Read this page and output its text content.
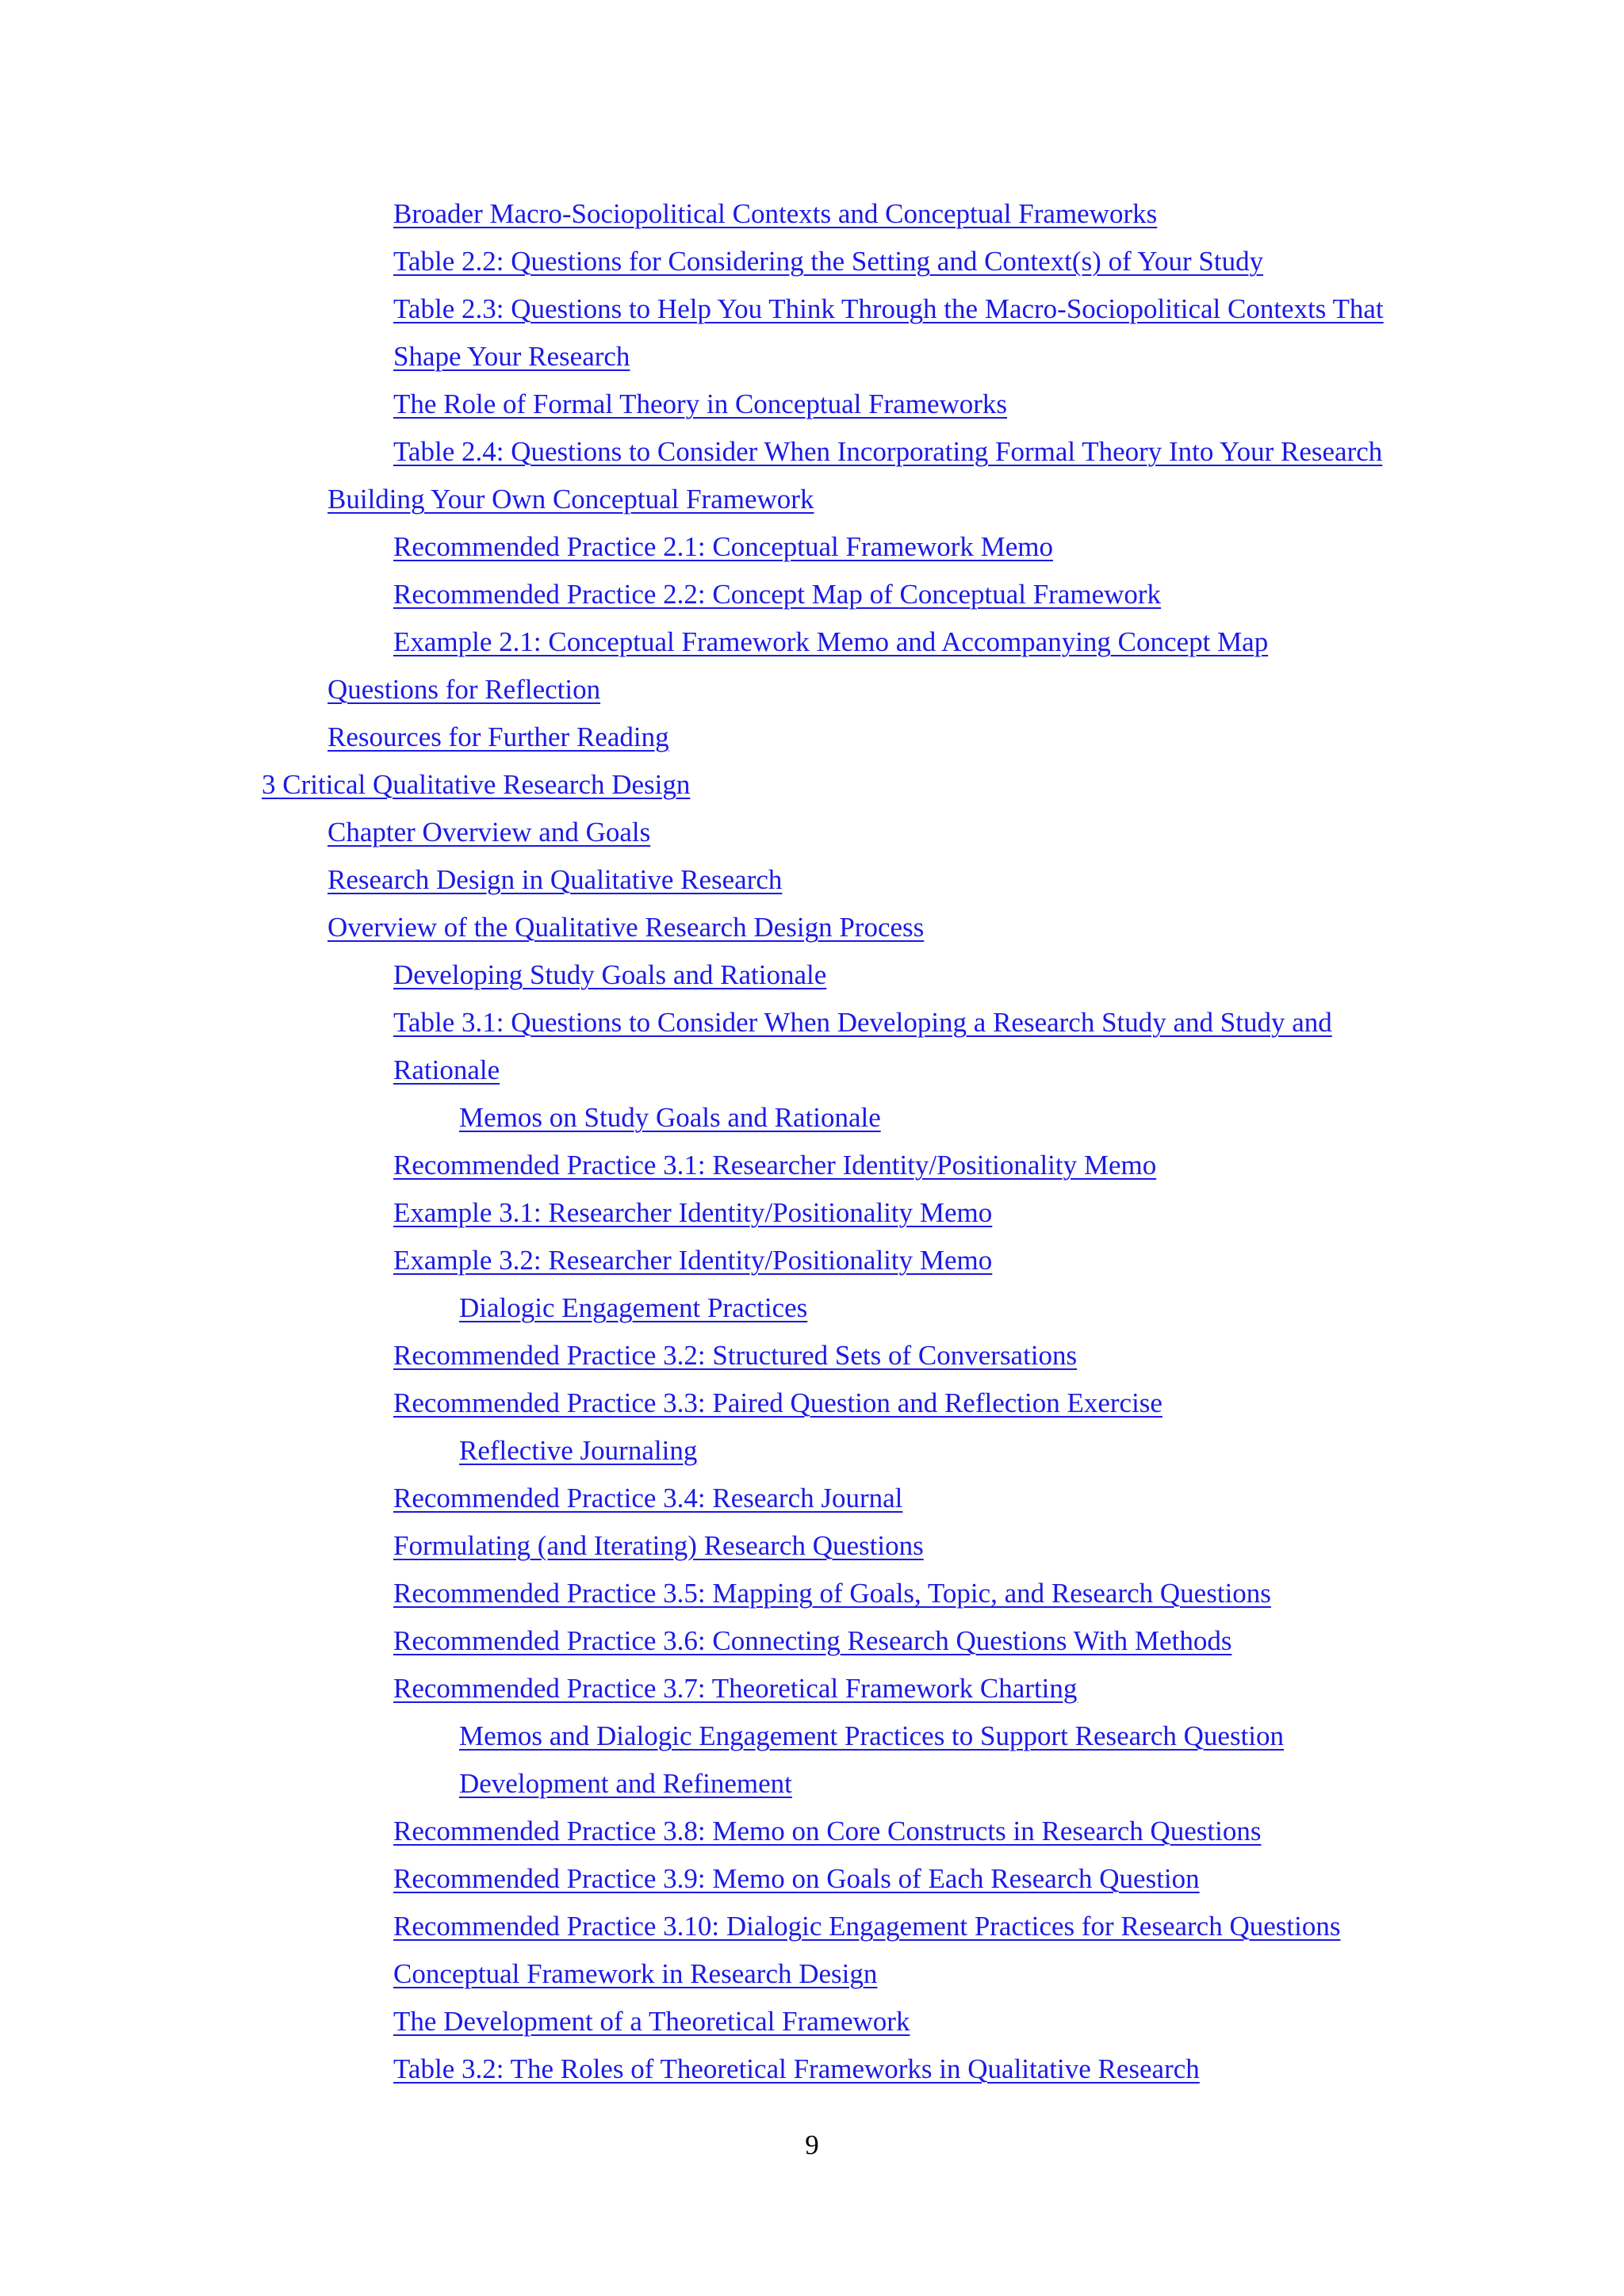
Broader Macro-Sociopolitical Contexts and Conceptual Frameworks
Table 2.2: Questions for Considering the Setting and Context(s) of Your Study
Table 2.3: Questions to Help You Think Through the Macro-Sociopolitical Contexts That
Shape Your Research
The Role of Formal Theory in Conceptual Frameworks
Table 2.4: Questions to Consider When Incorporating Formal Theory Into Your Research
Building Your Own Conceptual Framework
Recommended Practice 2.1: Conceptual Framework Memo
Recommended Practice 2.2: Concept Map of Conceptual Framework
Example 2.1: Conceptual Framework Memo and Accompanying Concept Map
Questions for Reflection
Resources for Further Reading
3 Critical Qualitative Research Design
Chapter Overview and Goals
Research Design in Qualitative Research
Overview of the Qualitative Research Design Process
Developing Study Goals and Rationale
Table 3.1: Questions to Consider When Developing a Research Study and Study and
Rationale
Memos on Study Goals and Rationale
Recommended Practice 3.1: Researcher Identity/Positionality Memo
Example 3.1: Researcher Identity/Positionality Memo
Example 3.2: Researcher Identity/Positionality Memo
Dialogic Engagement Practices
Recommended Practice 3.2: Structured Sets of Conversations
Recommended Practice 3.3: Paired Question and Reflection Exercise
Reflective Journaling
Recommended Practice 3.4: Research Journal
Formulating (and Iterating) Research Questions
Recommended Practice 3.5: Mapping of Goals, Topic, and Research Questions
Recommended Practice 3.6: Connecting Research Questions With Methods
Recommended Practice 3.7: Theoretical Framework Charting
Memos and Dialogic Engagement Practices to Support Research Question
Development and Refinement
Recommended Practice 3.8: Memo on Core Constructs in Research Questions
Recommended Practice 3.9: Memo on Goals of Each Research Question
Recommended Practice 3.10: Dialogic Engagement Practices for Research Questions
Conceptual Framework in Research Design
The Development of a Theoretical Framework
Table 3.2: The Roles of Theoretical Frameworks in Qualitative Research
9
